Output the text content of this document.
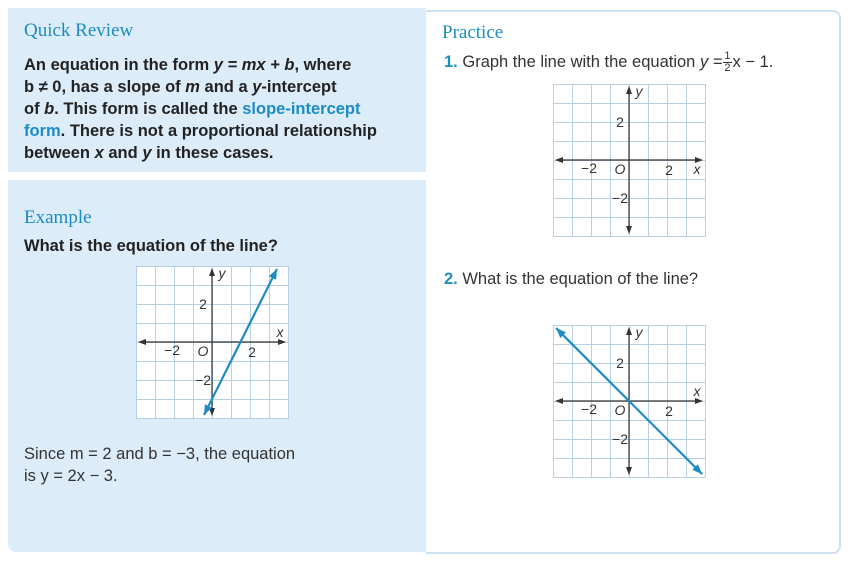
Quick Review
An equation in the form y = mx + b, where
b ≠ 0, has a slope of m and a y-intercept
of b. This form is called the slope-intercept
form. There is not a proportional relationship
between x and y in these cases.
Example
What is the equation of the line?
−2	2
2
−2
O
x
y
Since m = 2 and b = −3, the equation
is y = 2x − 3.
Practice
1. Graph the line with the equation $y = \frac{1}{2}$ x − 1.
−2	2
2
−2
O	x
y
2. What is the equation of the line?
−2	2
2
−2
O
x
y
